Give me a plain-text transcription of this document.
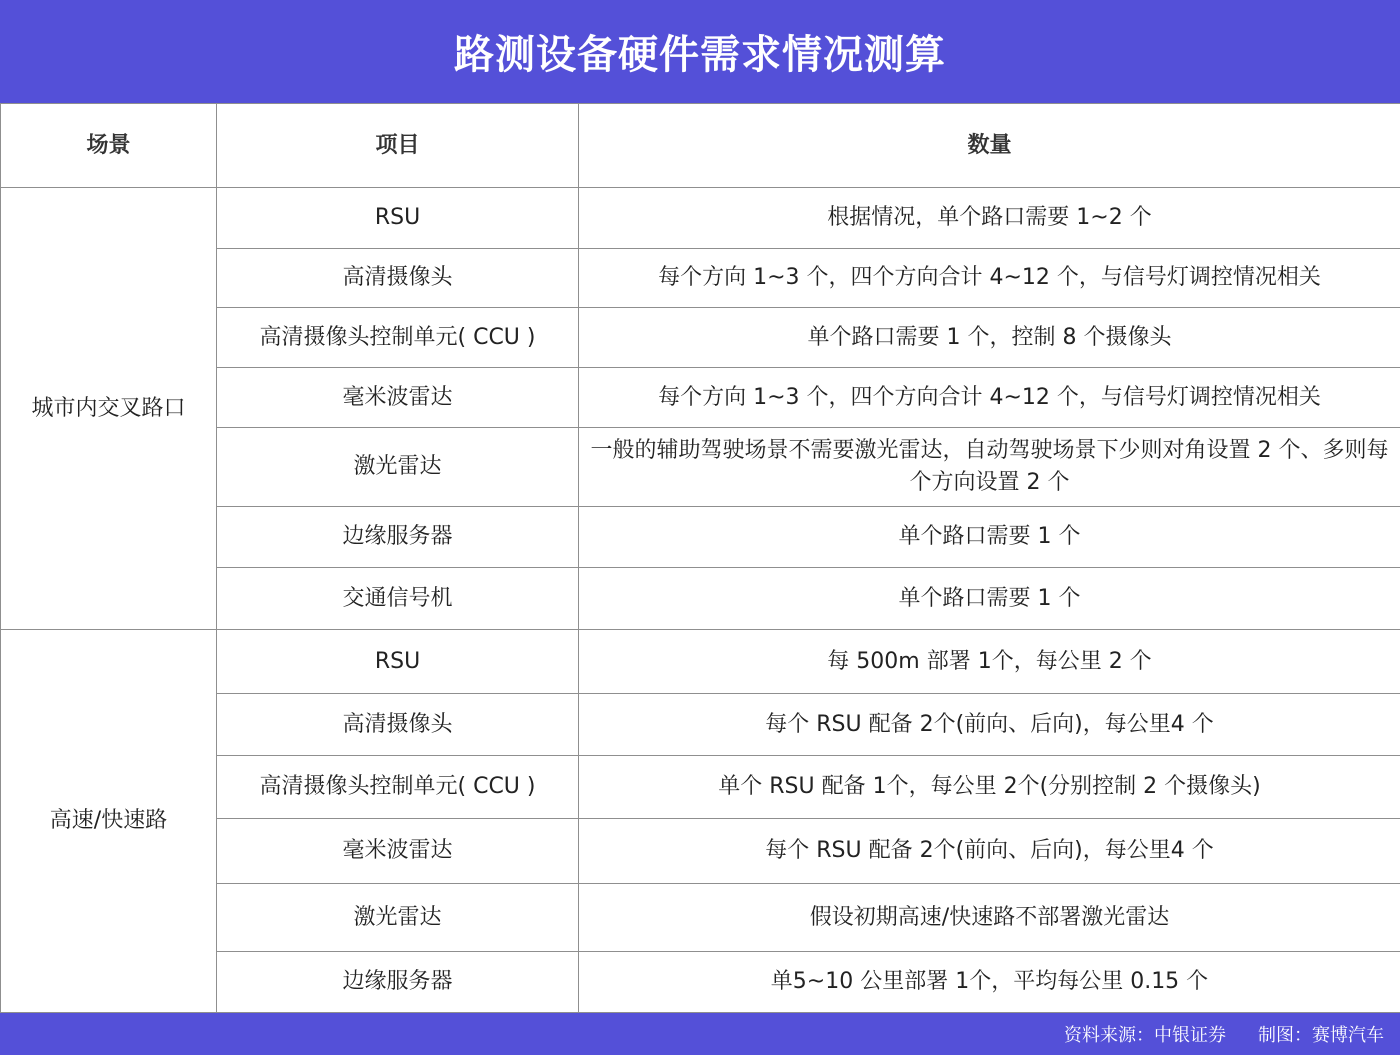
路测设备硬件需求情况测算
场景	项目	数量
城市内交叉路口	RSU	根据情况，单个路口需要 1~2 个
	高清摄像头	每个方向 1~3 个，四个方向合计 4~12 个，与信号灯调控情况相关
	高清摄像头控制单元( CCU )	单个路口需要 1 个，控制 8 个摄像头
	毫米波雷达	每个方向 1~3 个，四个方向合计 4~12 个，与信号灯调控情况相关
	激光雷达	一般的辅助驾驶场景不需要激光雷达，自动驾驶场景下少则对角设置 2 个、多则每个方向设置 2 个
	边缘服务器	单个路口需要 1 个
	交通信号机	单个路口需要 1 个
高速/快速路	RSU	每 500m 部署 1个，每公里 2 个
	高清摄像头	每个 RSU 配备 2个(前向、后向)，每公里4 个
	高清摄像头控制单元( CCU )	单个 RSU 配备 1个，每公里 2个(分别控制 2 个摄像头)
	毫米波雷达	每个 RSU 配备 2个(前向、后向)，每公里4 个
	激光雷达	假设初期高速/快速路不部署激光雷达
	边缘服务器	单5~10 公里部署 1个，平均每公里 0.15 个
资料来源：中银证券 制图：赛博汽车
